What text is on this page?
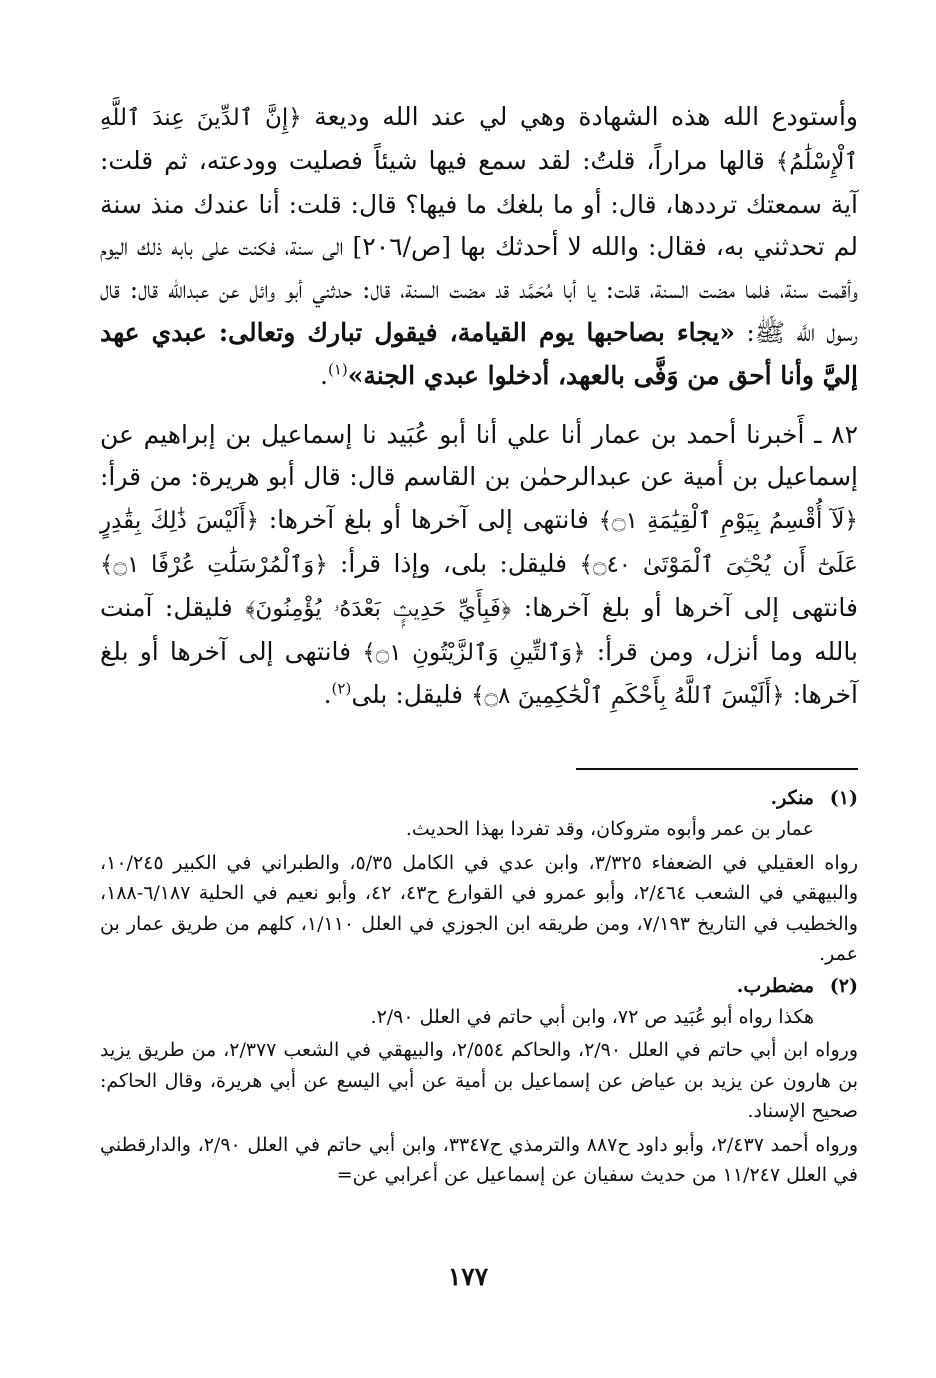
وأستودع الله هذه الشهادة وهي لي عند الله وديعة ﴿إِنَّ ٱلدِّينَ عِندَ ٱللَّهِ ٱلْإِسْلَٰمُ﴾ قالها مراراً، قلتُ: لقد سمع فيها شيئاً فصليت وودعته، ثم قلت: آية سمعتك ترددها، قال: أو ما بلغك ما فيها؟ قال: قلت: أنا عندك منذ سنة لم تحدثني به، فقال: والله لا أحدثك بها [ص/٢٠٦] الى سنة، فكنت على بابه ذلك اليوم وأقمت سنة، فلما مضت السنة، قلت: يا أبا مُحَمَّد قد مضت السنة، قال: حدثني أبو وائل عن عبدالله قال: قال رسول اللَّه ﷺ: «يجاء بصاحبها يوم القيامة، فيقول تبارك وتعالى: عبدي عهد إليَّ وأنا أحق من وَفَّى بالعهد، أدخلوا عبدي الجنة»$^{(١)}$.

٨٢ ـ أَخبرنا أحمد بن عمار أنا علي أنا أبو عُبَيد نا إسماعيل بن إبراهيم عن إسماعيل بن أمية عن عبدالرحمٰن بن القاسم قال: قال أبو هريرة: من قرأ: ﴿لَآ أُقْسِمُ بِيَوْمِ ٱلْقِيَٰمَةِ ۝١﴾ فانتهى إلى آخرها أو بلغ آخرها: ﴿أَلَيْسَ ذَٰلِكَ بِقَٰدِرٍ عَلَىٰٓ أَن يُحْـِۧىَ ٱلْمَوْتَىٰ ۝٤٠﴾ فليقل: بلى، وإذا قرأ: ﴿وَٱلْمُرْسَلَٰتِ عُرْفًا ۝١﴾ فانتهى إلى آخرها أو بلغ آخرها: ﴿فَبِأَيِّ حَدِيثٍۭ بَعْدَهُۥ يُؤْمِنُونَ﴾ فليقل: آمنت بالله وما أنزل، ومن قرأ: ﴿وَٱلتِّينِ وَٱلزَّيْتُونِ ۝١﴾ فانتهى إلى آخرها أو بلغ آخرها: ﴿أَلَيْسَ ٱللَّهُ بِأَحْكَمِ ٱلْحَٰكِمِينَ ۝٨﴾ فليقل: بلى$^{(٢)}$.

(١)منكر.

عمار بن عمر وأبوه متروكان، وقد تفردا بهذا الحديث.

رواه العقيلي في الضعفاء ٣/٣٢٥، وابن عدي في الكامل ٥/٣٥، والطبراني في الكبير ١٠/٢٤٥، والبيهقي في الشعب ٢/٤٦٤، وأبو عمرو في القوارع ح٤٣، ٤٢، وأبو نعيم في الحلية ٦/١٨٧-١٨٨، والخطيب في التاريخ ٧/١٩٣، ومن طريقه ابن الجوزي في العلل ١/١١٠، كلهم من طريق عمار بن عمر.

(٢)مضطرب.

هكذا رواه أبو عُبَيد ص ٧٢، وابن أبي حاتم في العلل ٢/٩٠.

ورواه ابن أبي حاتم في العلل ٢/٩٠، والحاكم ٢/٥٥٤، والبيهقي في الشعب ٢/٣٧٧، من طريق يزيد بن هارون عن يزيد بن عياض عن إسماعيل بن أمية عن أبي اليسع عن أبي هريرة، وقال الحاكم: صحيح الإسناد.

ورواه أحمد ٢/٤٣٧، وأبو داود ح٨٨٧ والترمذي ح٣٣٤٧، وابن أبي حاتم في العلل ٢/٩٠، والدارقطني في العلل ١١/٢٤٧ من حديث سفيان عن إسماعيل عن أعرابي عن=

١٧٧
